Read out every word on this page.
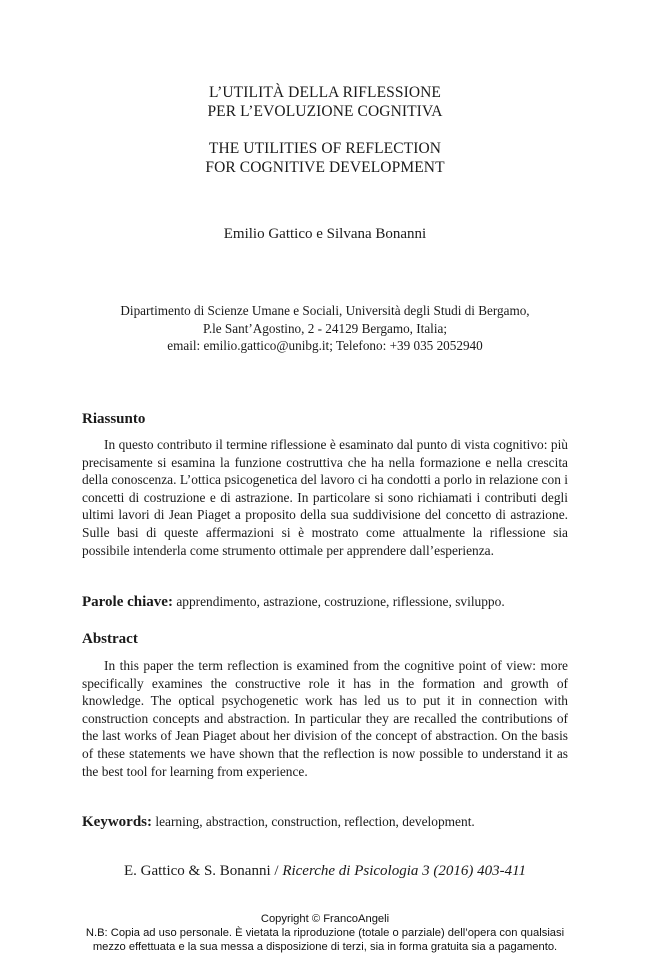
L’UTILITÀ DELLA RIFLESSIONE
PER L’EVOLUZIONE COGNITIVA
THE UTILITIES OF REFLECTION
FOR COGNITIVE DEVELOPMENT
Emilio Gattico e Silvana Bonanni
Dipartimento di Scienze Umane e Sociali, Università degli Studi di Bergamo,
P.le Sant’Agostino, 2 - 24129 Bergamo, Italia;
email: emilio.gattico@unibg.it; Telefono: +39 035 2052940
Riassunto

In questo contributo il termine riflessione è esaminato dal punto di vista cognitivo: più precisamente si esamina la funzione costruttiva che ha nella formazione e nella crescita della conoscenza. L’ottica psicogenetica del lavoro ci ha condotti a porlo in relazione con i concetti di costruzione e di astrazione. In particolare si sono richiamati i contributi degli ultimi lavori di Jean Piaget a proposito della sua suddivisione del concetto di astrazione. Sulle basi di queste affermazioni si è mostrato come attualmente la riflessione sia possibile intenderla come strumento ottimale per apprendere dall’esperienza.

Parole chiave: apprendimento, astrazione, costruzione, riflessione, sviluppo.
Abstract

In this paper the term reflection is examined from the cognitive point of view: more specifically examines the constructive role it has in the formation and growth of knowledge. The optical psychogenetic work has led us to put it in connection with construction concepts and abstraction. In particular they are recalled the contributions of the last works of Jean Piaget about her division of the concept of abstraction. On the basis of these statements we have shown that the reflection is now possible to understand it as the best tool for learning from experience.

Keywords: learning, abstraction, construction, reflection, development.
E. Gattico & S. Bonanni / Ricerche di Psicologia 3 (2016) 403-411
Copyright © FrancoAngeli
N.B: Copia ad uso personale. È vietata la riproduzione (totale o parziale) dell’opera con qualsiasi
mezzo effettuata e la sua messa a disposizione di terzi, sia in forma gratuita sia a pagamento.
